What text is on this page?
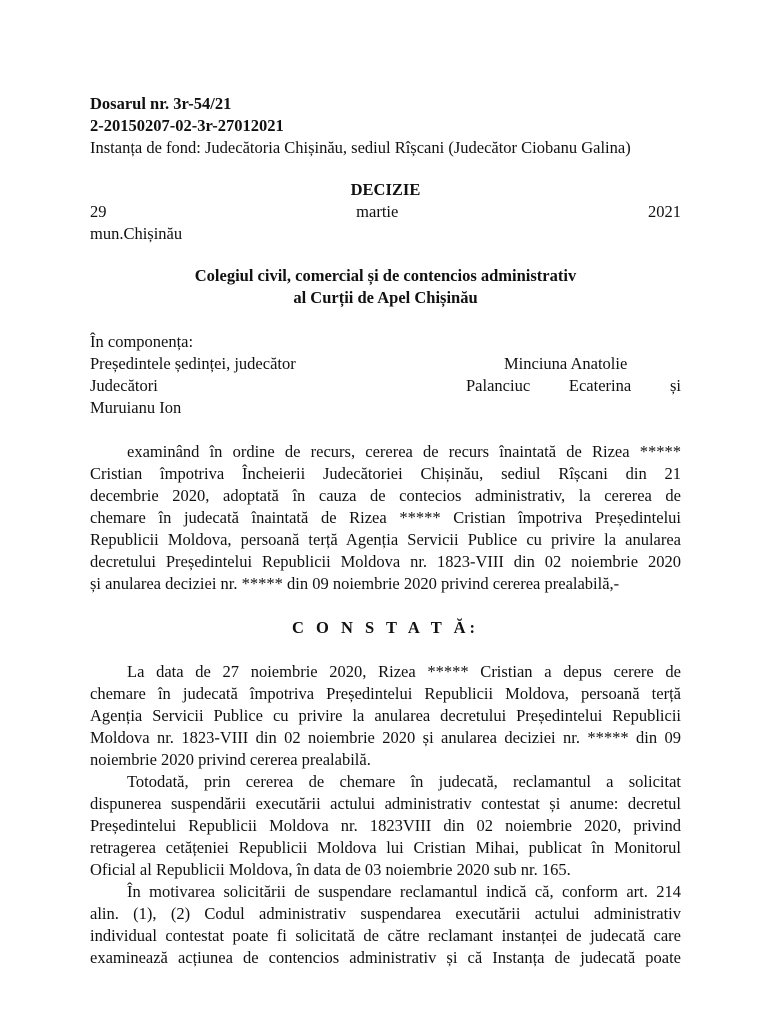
Dosarul nr. 3r-54/21
2-20150207-02-3r-27012021
Instanța de fond: Judecătoria Chișinău, sediul Rîșcani (Judecător Ciobanu Galina)
DECIZIE
29	martie	2021
mun.Chișinău
Colegiul civil, comercial și de contencios administrativ
al Curții de Apel Chișinău
În componența:
Președintele ședinței, judecător	Minciuna Anatolie
Judecători	Palanciuc Ecaterina și
Muruianu Ion
examinând în ordine de recurs, cererea de recurs înaintată de Rizea *****
Cristian împotriva Încheierii Judecătoriei Chișinău, sediul Rîșcani din 21
decembrie 2020, adoptată în cauza de contecios administrativ, la cererea de
chemare în judecată înaintată de Rizea ***** Cristian împotriva Președintelui
Republicii Moldova, persoană terță Agenția Servicii Publice cu privire la anularea
decretului Președintelui Republicii Moldova nr. 1823-VIII din 02 noiembrie 2020
și anularea deciziei nr. ***** din 09 noiembrie 2020 privind cererea prealabilă,-
C O N S T A T Ă:
La data de 27 noiembrie 2020, Rizea ***** Cristian a depus cerere de
chemare în judecată împotriva Președintelui Republicii Moldova, persoană terță
Agenția Servicii Publice cu privire la anularea decretului Președintelui Republicii
Moldova nr. 1823-VIII din 02 noiembrie 2020 și anularea deciziei nr. ***** din 09
noiembrie 2020 privind cererea prealabilă.
Totodată, prin cererea de chemare în judecată, reclamantul a solicitat
dispunerea suspendării executării actului administrativ contestat și anume: decretul
Președintelui Republicii Moldova nr. 1823VIII din 02 noiembrie 2020, privind
retragerea cetățeniei Republicii Moldova lui Cristian Mihai, publicat în Monitorul
Oficial al Republicii Moldova, în data de 03 noiembrie 2020 sub nr. 165.
În motivarea solicitării de suspendare reclamantul indică că, conform art. 214
alin. (1), (2) Codul administrativ suspendarea executării actului administrativ
individual contestat poate fi solicitată de către reclamant instanței de judecată care
examinează acțiunea de contencios administrativ și că Instanța de judecată poate
